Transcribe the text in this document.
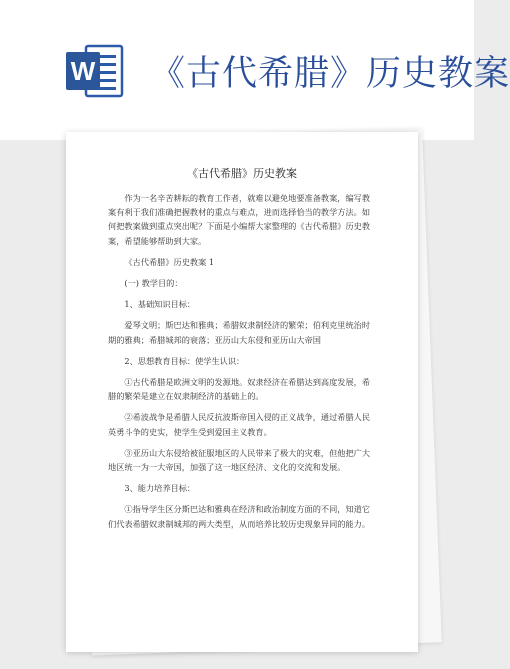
W 《古代希腊》历史教案
《古代希腊》历史教案

作为一名辛苦耕耘的教育工作者，就难以避免地要准备教案，编写教案有利于我们准确把握教材的重点与难点，进而选择恰当的教学方法。如何把教案做到重点突出呢？下面是小编帮大家整理的《古代希腊》历史教案，希望能够帮助到大家。

《古代希腊》历史教案 1

(一) 教学目的：

1、基础知识目标：

爱琴文明；斯巴达和雅典；希腊奴隶制经济的繁荣；伯利克里统治时期的雅典；希腊城邦的衰落；亚历山大东侵和亚历山大帝国

2、思想教育目标：使学生认识：

①古代希腊是欧洲文明的发源地。奴隶经济在希腊达到高度发展，希腊的繁荣是建立在奴隶制经济的基础上的。

②希波战争是希腊人民反抗波斯帝国入侵的正义战争，通过希腊人民英勇斗争的史实，使学生受到爱国主义教育。

③亚历山大东侵给被征服地区的人民带来了极大的灾难，但他把广大地区统一为一大帝国，加强了这一地区经济、文化的交流和发展。

3、能力培养目标：

①指导学生区分斯巴达和雅典在经济和政治制度方面的不同，知道它们代表希腊奴隶制城邦的两大类型，从而培养比较历史现象异同的能力。
